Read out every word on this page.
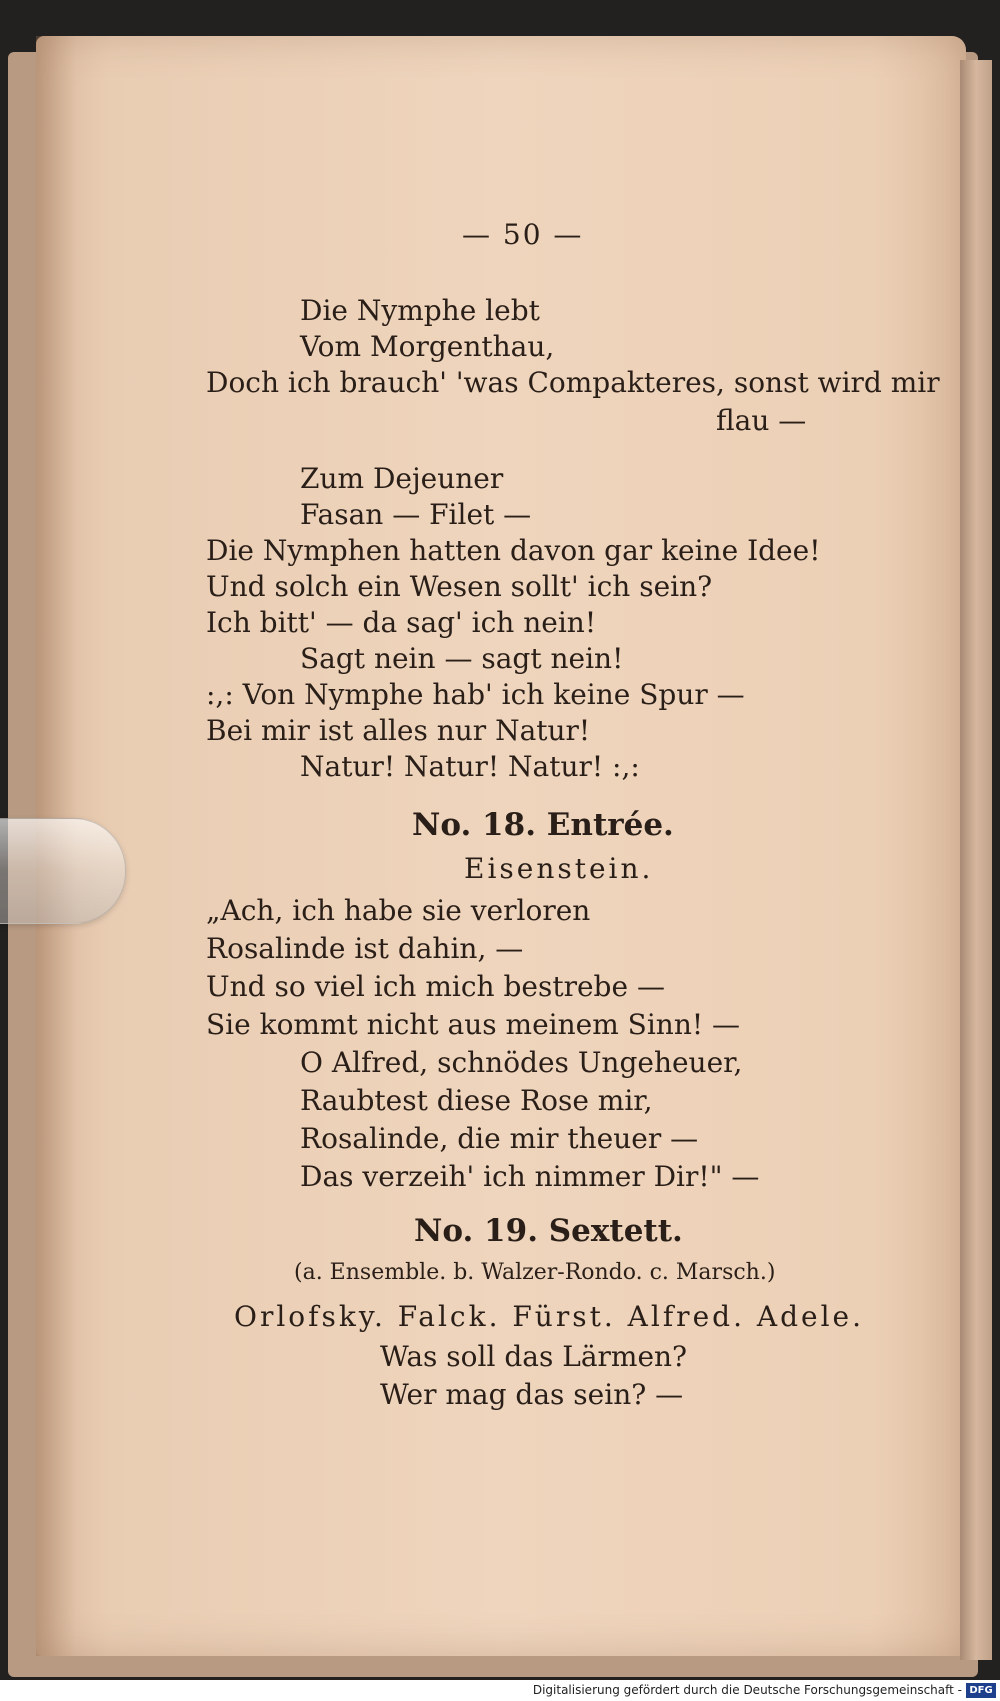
— 50 —
Die Nymphe lebt
Vom Morgenthau,
Doch ich brauch' 'was Compakteres, sonst wird mir
flau —
Zum Dejeuner
Fasan — Filet —
Die Nymphen hatten davon gar keine Idee!
Und solch ein Wesen sollt' ich sein?
Ich bitt' — da sag' ich nein!
Sagt nein — sagt nein!
:,: Von Nymphe hab' ich keine Spur —
Bei mir ist alles nur Natur!
Natur! Natur! Natur! :,:
No. 18. Entrée.
Eisenstein.
„Ach, ich habe sie verloren
Rosalinde ist dahin, —
Und so viel ich mich bestrebe —
Sie kommt nicht aus meinem Sinn! —
O Alfred, schnödes Ungeheuer,
Raubtest diese Rose mir,
Rosalinde, die mir theuer —
Das verzeih' ich nimmer Dir!" —
No. 19. Sextett.
(a. Ensemble. b. Walzer-Rondo. c. Marsch.)
Orlofsky. Falck. Fürst. Alfred. Adele.
Was soll das Lärmen?
Wer mag das sein? —
Digitalisierung gefördert durch die Deutsche Forschungsgemeinschaft - DFG
